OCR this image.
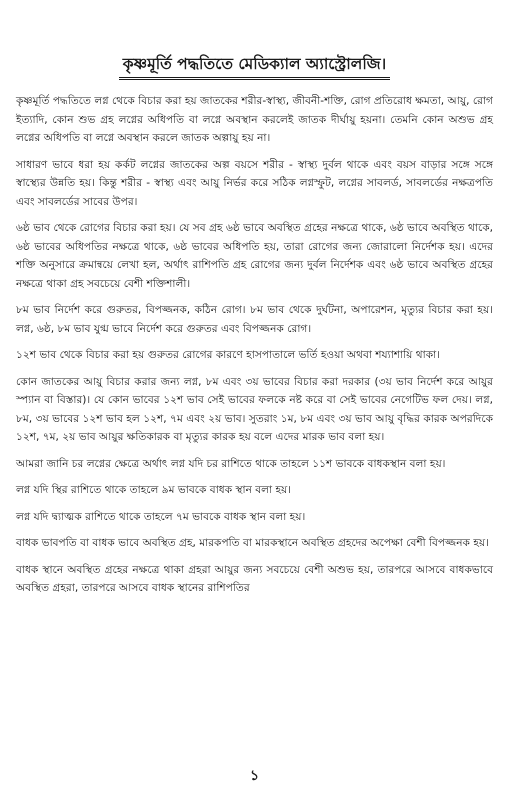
কৃষ্ণমূর্তি পদ্ধতিতে মেডিক্যাল অ্যাস্ট্রোলজি।

কৃষ্ণমূর্তি পদ্ধতিতে লগ্ন থেকে বিচার করা হয় জাতকের শরীর-স্বাস্থ্য, জীবনী-শক্তি, রোগ প্রতিরোধ ক্ষমতা, আয়ু, রোগ ইত্যাদি, কোন শুভ গ্রহ লগ্নের অধিপতি বা লগ্নে অবস্থান করলেই জাতক দীর্ঘায়ু হয়না। তেমনি কোন অশুভ গ্রহ লগ্নের অধিপতি বা লগ্নে অবস্থান করলে জাতক অল্পায়ু হয় না।

সাধারণ ভাবে ধরা হয় কর্কট লগ্নের জাতকের অল্প বয়সে শরীর - স্বাস্থ্য দুর্বল থাকে এবং বয়স বাড়ার সঙ্গে সঙ্গে স্বাস্থ্যের উন্নতি হয়। কিন্তু শরীর - স্বাস্থ্য এবং আয়ু নির্ভর করে সঠিক লগ্নস্ফুট, লগ্নের সাবলর্ড, সাবলর্ডের নক্ষত্রপতি এবং সাবলর্ডের সাবের উপর।

৬ষ্ঠ ভাব থেকে রোগের বিচার করা হয়। যে সব গ্রহ ৬ষ্ঠ ভাবে অবস্থিত গ্রহের নক্ষত্রে থাকে, ৬ষ্ঠ ভাবে অবস্থিত থাকে, ৬ষ্ঠ ভাবের অধিপতির নক্ষত্রে থাকে, ৬ষ্ঠ ভাবের অধিপতি হয়, তারা রোগের জন্য জোরালো নির্দেশক হয়। এদের শক্তি অনুসারে ক্রমান্বয়ে লেখা হল, অর্থাৎ রাশিপতি গ্রহ রোগের জন্য দুর্বল নির্দেশক এবং ৬ষ্ঠ ভাবে অবস্থিত গ্রহের নক্ষত্রে থাকা গ্রহ সবচেয়ে বেশী শক্তিশালী।

৮ম ভাব নির্দেশ করে গুরুতর, বিপজ্জনক, কঠিন রোগ। ৮ম ভাব থেকে দুর্ঘটনা, অপারেশন, মৃত্যুর বিচার করা হয়। লগ্ন, ৬ষ্ঠ, ৮ম ভাব যুগ্ম ভাবে নির্দেশ করে গুরুতর এবং বিপজ্জনক রোগ।

১২শ ভাব থেকে বিচার করা হয় গুরুতর রোগের কারণে হাসপাতালে ভর্তি হওয়া অথবা শয্যাশায়ি থাকা।

কোন জাতকের আয়ু বিচার করার জন্য লগ্ন, ৮ম এবং ৩য় ভাবের বিচার করা দরকার (৩য় ভাব নির্দেশ করে আয়ুর স্প্যান বা বিস্তার)। যে কোন ভাবের ১২শ ভাব সেই ভাবের ফলকে নষ্ট করে বা সেই ভাবের নেগেটিভ ফল দেয়। লগ্ন, ৮ম, ৩য় ভাবের ১২শ ভাব হল ১২শ, ৭ম এবং ২য় ভাব। সুতরাং ১ম, ৮ম এবং ৩য় ভাব আয়ু বৃদ্ধির কারক অপরদিকে ১২শ, ৭ম, ২য় ভাব আয়ুর ক্ষতিকারক বা মৃত্যুর কারক হয় বলে এদের মারক ভাব বলা হয়।

আমরা জানি চর লগ্নের ক্ষেত্রে অর্থাৎ লগ্ন যদি চর রাশিতে থাকে তাহলে ১১শ ভাবকে বাধকস্থান বলা হয়।

লগ্ন যদি স্থির রাশিতে থাকে তাহলে ৯ম ভাবকে বাধক স্থান বলা হয়।

লগ্ন যদি দ্ব্যাত্মক রাশিতে থাকে তাহলে ৭ম ভাবকে বাধক স্থান বলা হয়।

বাধক ভাবপতি বা বাধক ভাবে অবস্থিত গ্রহ, মারকপতি বা মারকস্থানে অবস্থিত গ্রহদের অপেক্ষা বেশী বিপজ্জনক হয়।

বাধক স্থানে অবস্থিত গ্রহের নক্ষত্রে থাকা গ্রহরা আয়ুর জন্য সবচেয়ে বেশী অশুভ হয়, তারপরে আসবে বাধকভাবে অবস্থিত গ্রহরা, তারপরে আসবে বাধক স্থানের রাশিপতির

১
